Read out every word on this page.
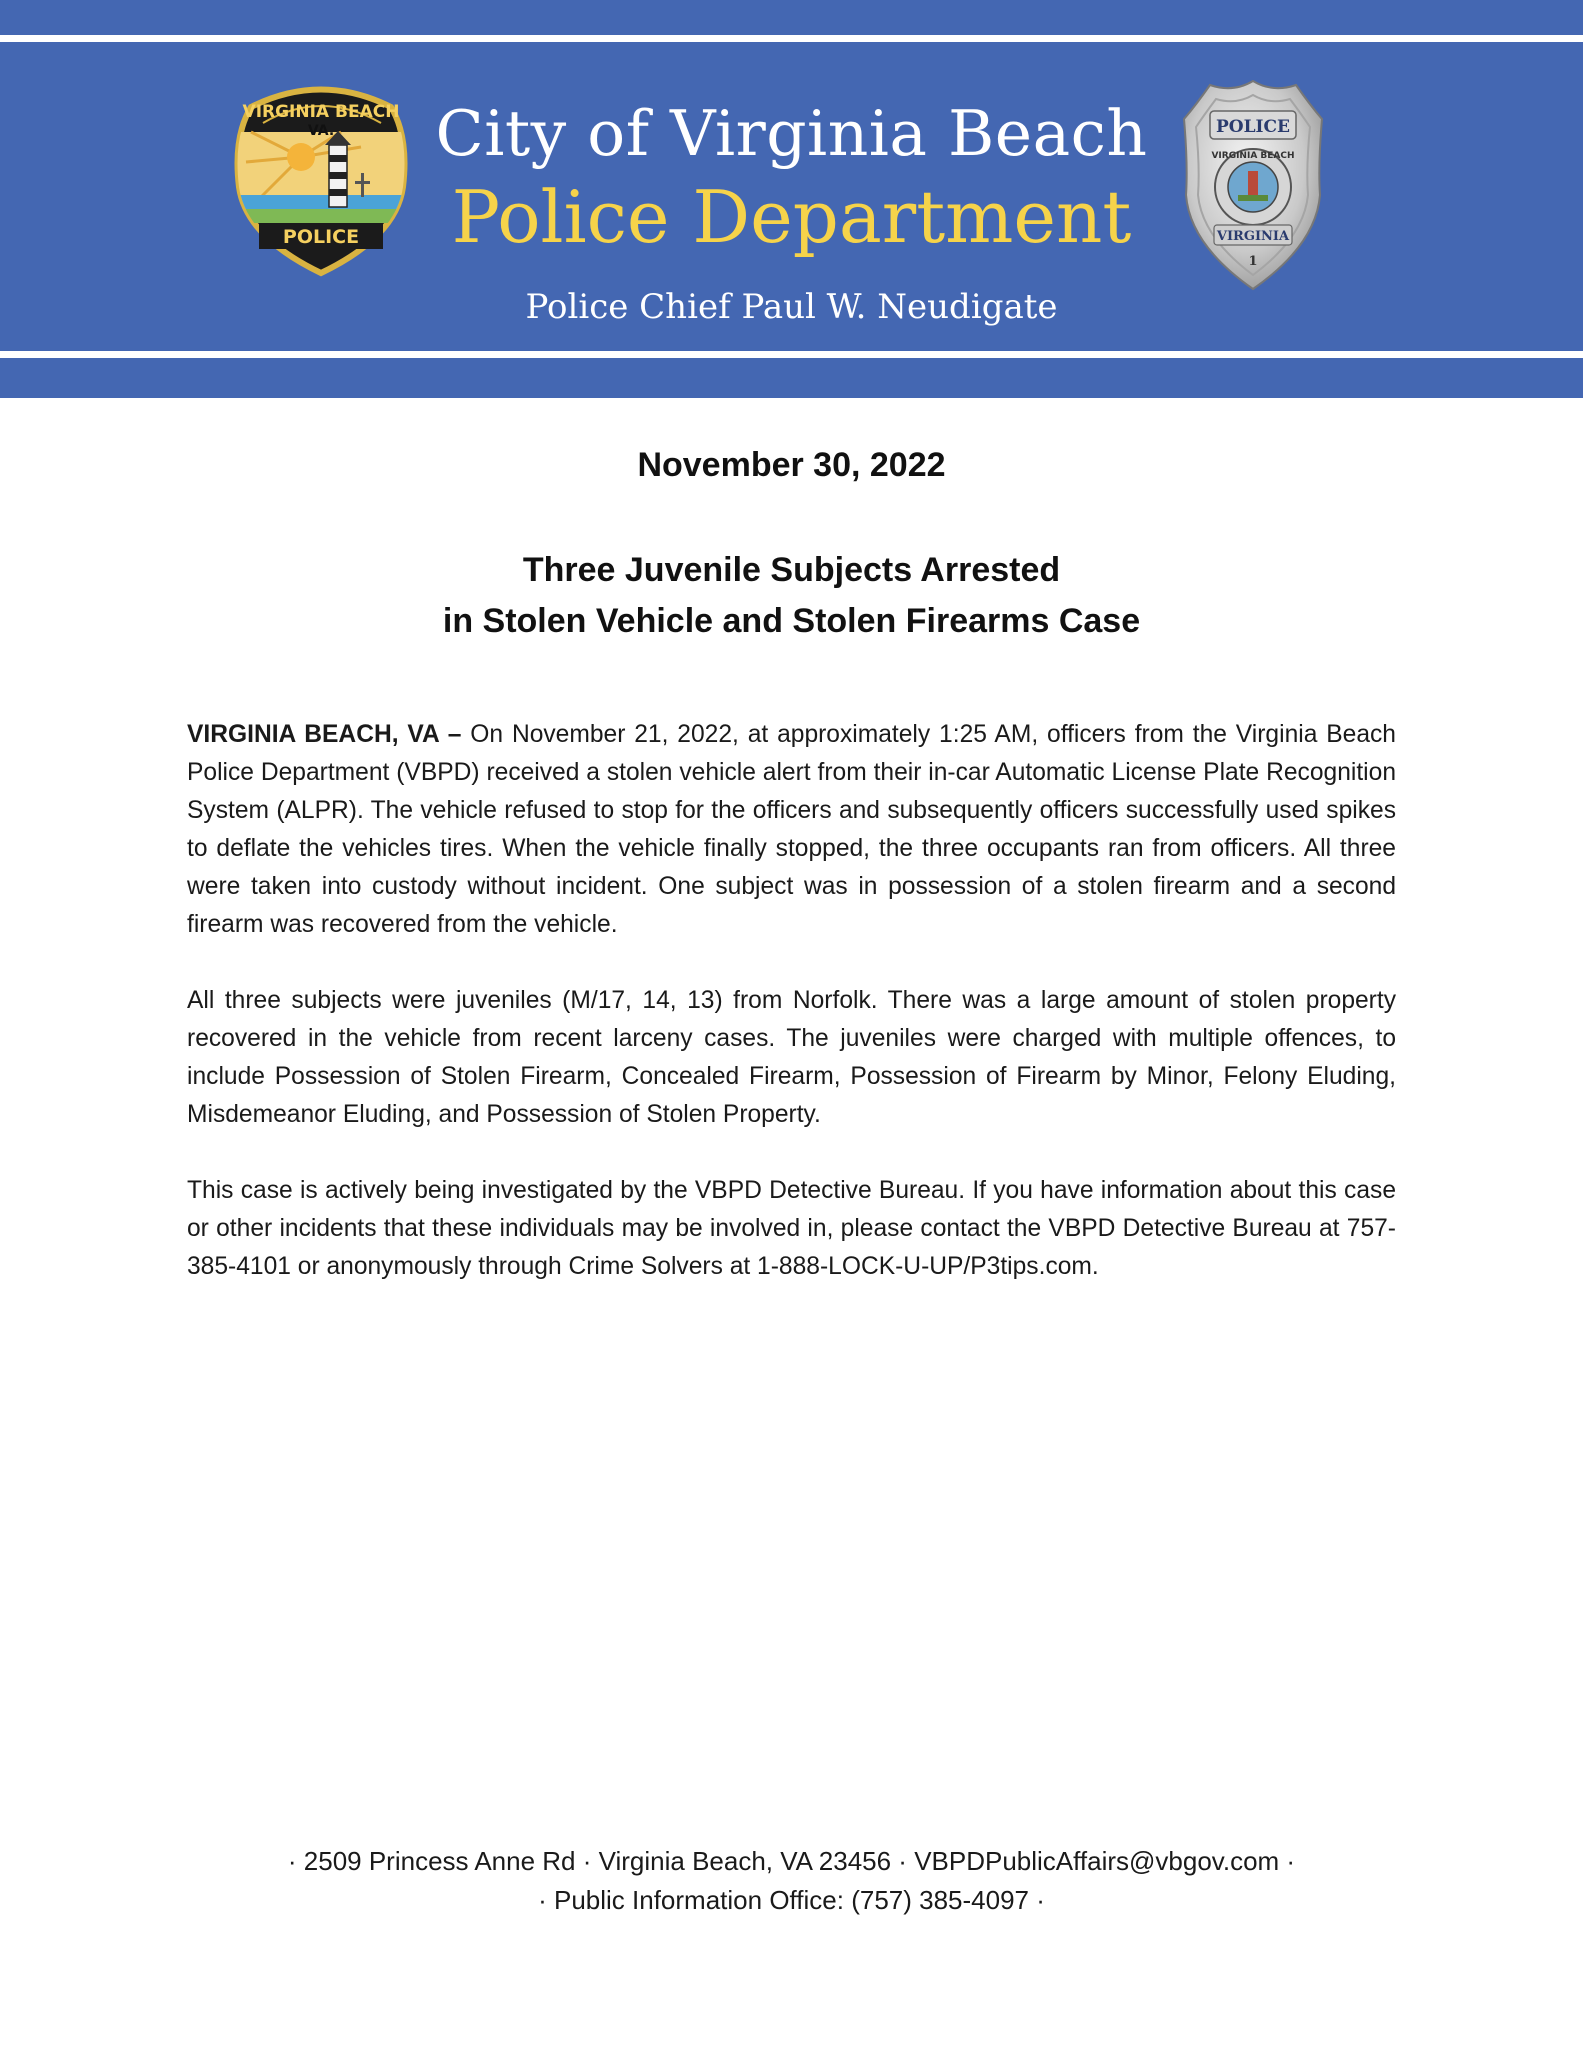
VIRGINIA BEACH
VA.
POLICE
POLICE
VIRGINIA BEACH
VIRGINIA
1
City of Virginia Beach
Police Department
Police Chief Paul W. Neudigate
November 30, 2022
Three Juvenile Subjects Arrested
in Stolen Vehicle and Stolen Firearms Case

VIRGINIA BEACH, VA – On November 21, 2022, at approximately 1:25 AM, officers from the Virginia Beach Police Department (VBPD) received a stolen vehicle alert from their in-car Automatic License Plate Recognition System (ALPR). The vehicle refused to stop for the officers and subsequently officers successfully used spikes to deflate the vehicles tires. When the vehicle finally stopped, the three occupants ran from officers. All three were taken into custody without incident. One subject was in possession of a stolen firearm and a second firearm was recovered from the vehicle.

All three subjects were juveniles (M/17, 14, 13) from Norfolk. There was a large amount of stolen property recovered in the vehicle from recent larceny cases. The juveniles were charged with multiple offences, to include Possession of Stolen Firearm, Concealed Firearm, Possession of Firearm by Minor, Felony Eluding, Misdemeanor Eluding, and Possession of Stolen Property.

This case is actively being investigated by the VBPD Detective Bureau. If you have information about this case or other incidents that these individuals may be involved in, please contact the VBPD Detective Bureau at 757-385-4101 or anonymously through Crime Solvers at 1-888-LOCK-U-UP/P3tips.com.

· 2509 Princess Anne Rd · Virginia Beach, VA 23456 · VBPDPublicAffairs@vbgov.com ·
· Public Information Office: (757) 385-4097 ·
